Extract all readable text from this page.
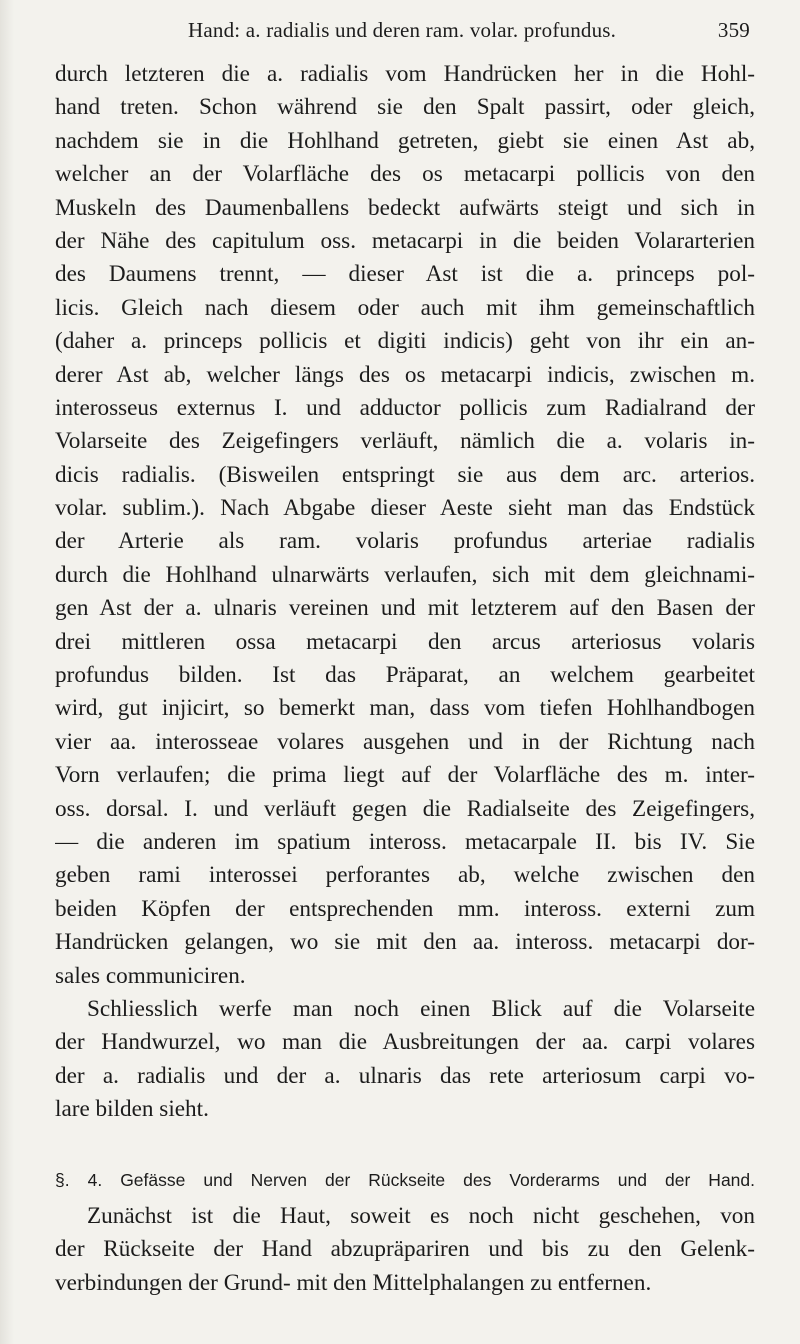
Hand: a. radialis und deren ram. volar. profundus.	359
durch letzteren die a. radialis vom Handrücken her in die Hohl-
hand treten. Schon während sie den Spalt passirt, oder gleich,
nachdem sie in die Hohlhand getreten, giebt sie einen Ast ab,
welcher an der Volarfläche des os metacarpi pollicis von den
Muskeln des Daumenballens bedeckt aufwärts steigt und sich in
der Nähe des capitulum oss. metacarpi in die beiden Volararterien
des Daumens trennt, — dieser Ast ist die a. princeps pol-
licis. Gleich nach diesem oder auch mit ihm gemeinschaftlich
(daher a. princeps pollicis et digiti indicis) geht von ihr ein an-
derer Ast ab, welcher längs des os metacarpi indicis, zwischen m.
interosseus externus I. und adductor pollicis zum Radialrand der
Volarseite des Zeigefingers verläuft, nämlich die a. volaris in-
dicis radialis. (Bisweilen entspringt sie aus dem arc. arterios.
volar. sublim.). Nach Abgabe dieser Aeste sieht man das Endstück
der Arterie als ram. volaris profundus arteriae radialis
durch die Hohlhand ulnarwärts verlaufen, sich mit dem gleichnami-
gen Ast der a. ulnaris vereinen und mit letzterem auf den Basen der
drei mittleren ossa metacarpi den arcus arteriosus volaris
profundus bilden. Ist das Präparat, an welchem gearbeitet
wird, gut injicirt, so bemerkt man, dass vom tiefen Hohlhandbogen
vier aa. interosseae volares ausgehen und in der Richtung nach
Vorn verlaufen; die prima liegt auf der Volarfläche des m. inter-
oss. dorsal. I. und verläuft gegen die Radialseite des Zeigefingers,
— die anderen im spatium inteross. metacarpale II. bis IV. Sie
geben rami interossei perforantes ab, welche zwischen den
beiden Köpfen der entsprechenden mm. inteross. externi zum
Handrücken gelangen, wo sie mit den aa. inteross. metacarpi dor-
sales communiciren.
Schliesslich werfe man noch einen Blick auf die Volarseite
der Handwurzel, wo man die Ausbreitungen der aa. carpi volares
der a. radialis und der a. ulnaris das rete arteriosum carpi vo-
lare bilden sieht.
§. 4. Gefässe und Nerven der Rückseite des Vorderarms und der Hand.
Zunächst ist die Haut, soweit es noch nicht geschehen, von
der Rückseite der Hand abzupräpariren und bis zu den Gelenk-
verbindungen der Grund- mit den Mittelphalangen zu entfernen.
